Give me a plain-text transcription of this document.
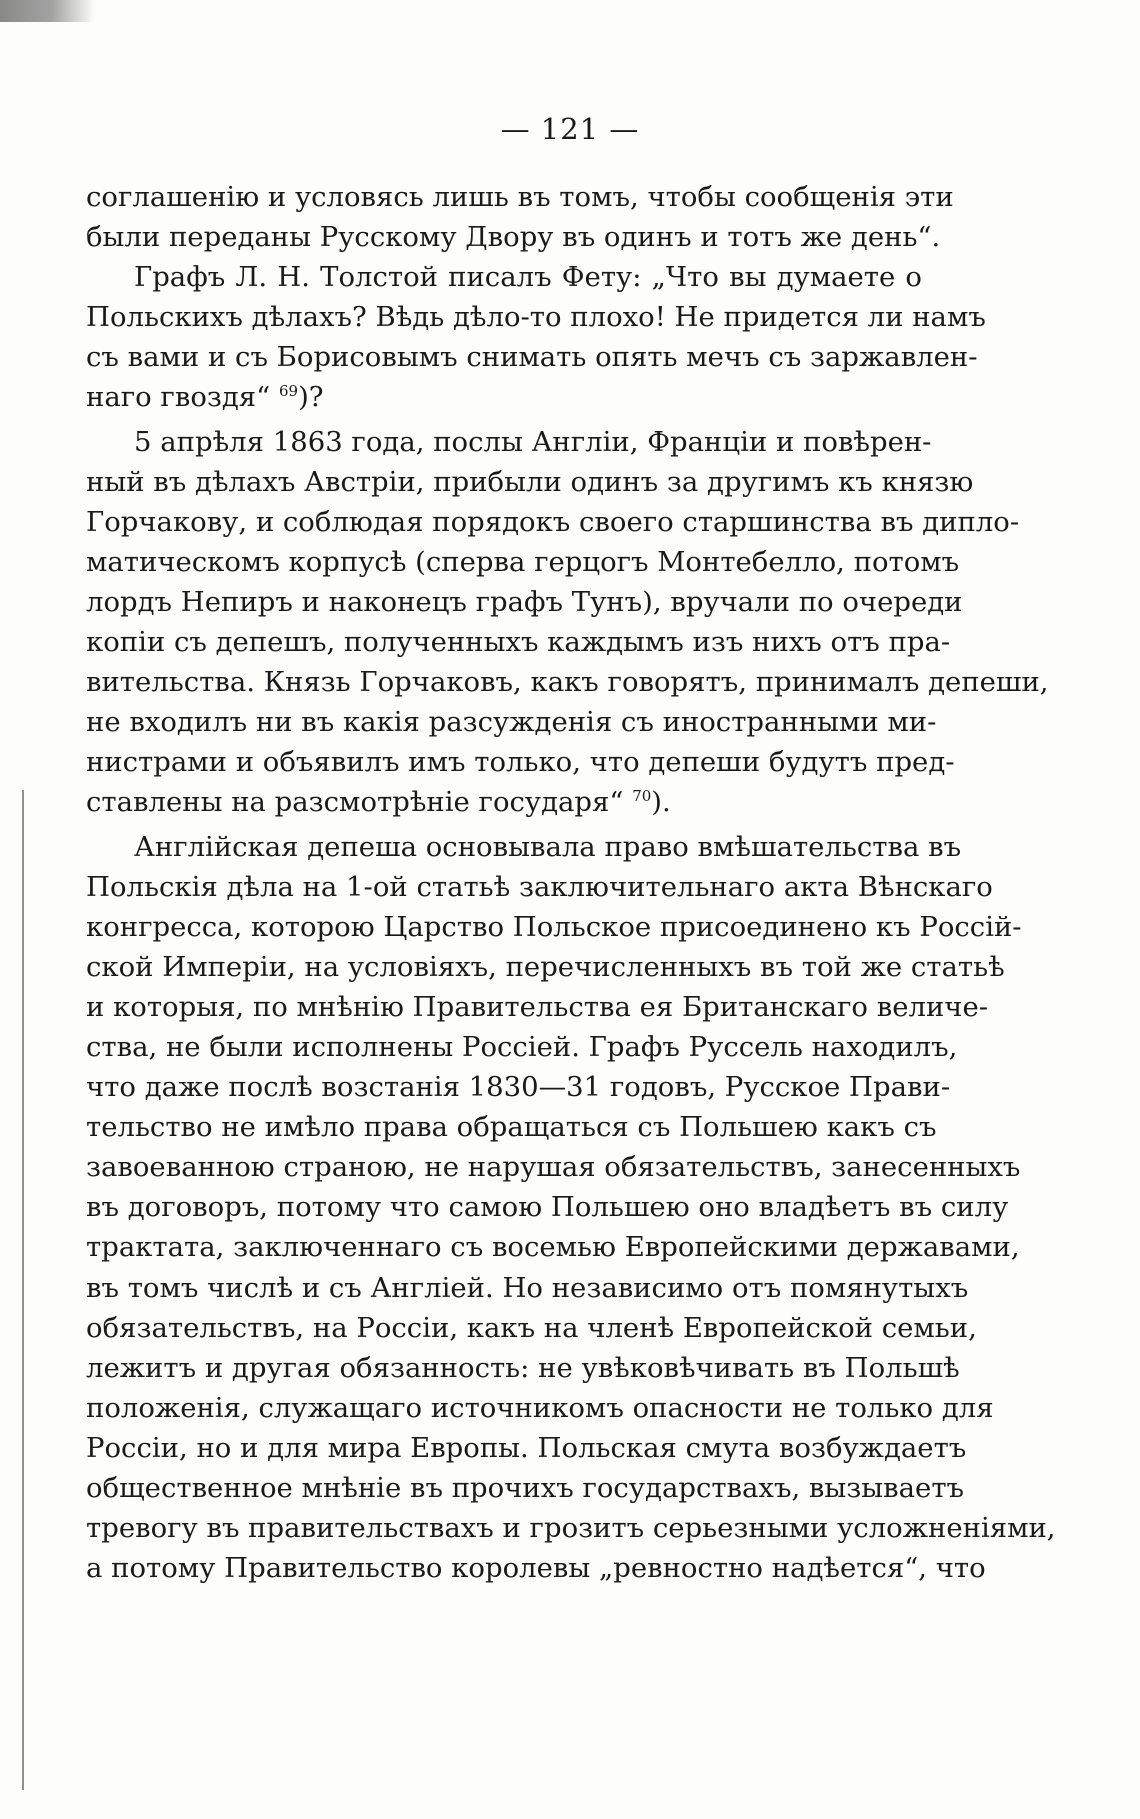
— 121 —
соглашенію и условясь лишь въ томъ, чтобы сообщенія эти
были переданы Русскому Двору въ одинъ и тотъ же день“.
Графъ Л. Н. Толстой писалъ Фету: „Что вы думаете о
Польскихъ дѣлахъ? Вѣдь дѣло-то плохо! Не придется ли намъ
съ вами и съ Борисовымъ снимать опять мечъ съ заржавлен-
наго гвоздя“ $^{69}$)?
5 апрѣля 1863 года, послы Англіи, Франціи и повѣрен-
ный въ дѣлахъ Австріи, прибыли одинъ за другимъ къ князю
Горчакову, и соблюдая порядокъ своего старшинства въ дипло-
матическомъ корпусѣ (сперва герцогъ Монтебелло, потомъ
лордъ Непиръ и наконецъ графъ Тунъ), вручали по очереди
копіи съ депешъ, полученныхъ каждымъ изъ нихъ отъ пра-
вительства. Князь Горчаковъ, какъ говорятъ, принималъ депеши,
не входилъ ни въ какія разсужденія съ иностранными ми-
нистрами и объявилъ имъ только, что депеши будутъ пред-
ставлены на разсмотрѣніе государя“ $^{70}$).
Англійская депеша основывала право вмѣшательства въ
Польскія дѣла на 1-ой статьѣ заключительнаго акта Вѣнскаго
конгресса, которою Царство Польское присоединено къ Россій-
ской Имперіи, на условіяхъ, перечисленныхъ въ той же статьѣ
и которыя, по мнѣнію Правительства ея Британскаго величе-
ства, не были исполнены Россіей. Графъ Руссель находилъ,
что даже послѣ возстанія 1830—31 годовъ, Русское Прави-
тельство не имѣло права обращаться съ Польшею какъ съ
завоеванною страною, не нарушая обязательствъ, занесенныхъ
въ договоръ, потому что самою Польшею оно владѣетъ въ силу
трактата, заключеннаго съ восемью Европейскими державами,
въ томъ числѣ и съ Англіей. Но независимо отъ помянутыхъ
обязательствъ, на Россіи, какъ на членѣ Европейской семьи,
лежитъ и другая обязанность: не увѣковѣчивать въ Польшѣ
положенія, служащаго источникомъ опасности не только для
Россіи, но и для мира Европы. Польская смута возбуждаетъ
общественное мнѣніе въ прочихъ государствахъ, вызываетъ
тревогу въ правительствахъ и грозитъ серьезными усложненіями,
а потому Правительство королевы „ревностно надѣется“, что
